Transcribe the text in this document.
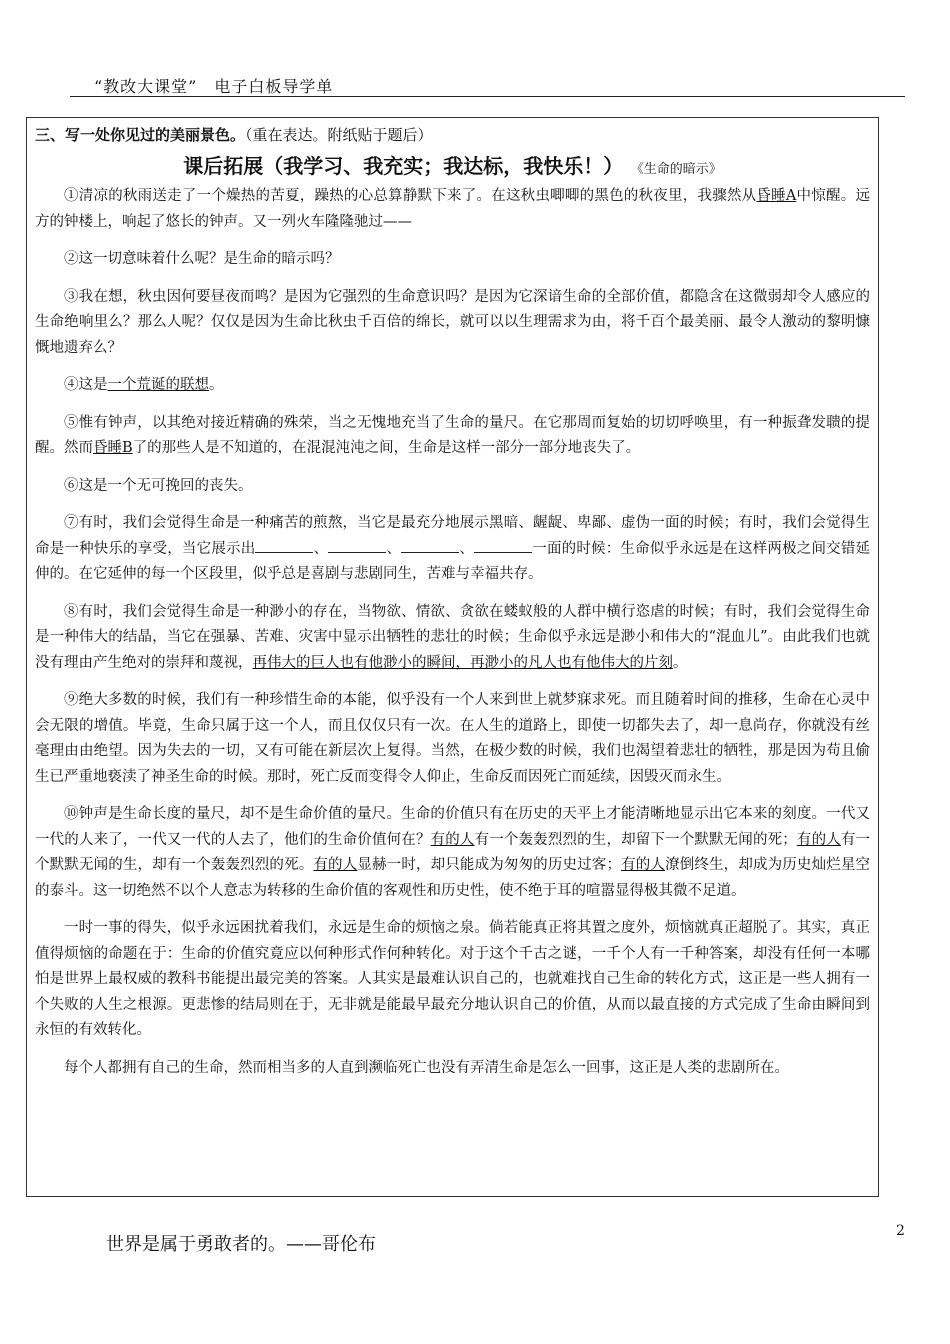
“教改大课堂”　电子白板导学单
三、写一处你见过的美丽景色。（重在表达。附纸贴于题后）
课后拓展（我学习、我充实；我达标，我快乐！） 《生命的暗示》

①清凉的秋雨送走了一个燥热的苦夏，躁热的心总算静默下来了。在这秋虫唧唧的黑色的秋夜里，我骤然从昏睡A中惊醒。远方的钟楼上，响起了悠长的钟声。又一列火车隆隆驰过——

②这一切意味着什么呢？是生命的暗示吗？

③我在想，秋虫因何要昼夜而鸣？是因为它强烈的生命意识吗？是因为它深谙生命的全部价值，都隐含在这微弱却令人感应的生命绝响里么？那么人呢？仅仅是因为生命比秋虫千百倍的绵长，就可以以生理需求为由，将千百个最美丽、最令人激动的黎明慷慨地遗弃么？

④这是一个荒诞的联想。

⑤惟有钟声，以其绝对接近精确的殊荣，当之无愧地充当了生命的量尺。在它那周而复始的切切呼唤里，有一种振聋发聩的提醒。然而昏睡B了的那些人是不知道的，在混混沌沌之间，生命是这样一部分一部分地丧失了。

⑥这是一个无可挽回的丧失。

⑦有时，我们会觉得生命是一种痛苦的煎熬，当它是最充分地展示黑暗、龌龊、卑鄙、虚伪一面的时候；有时，我们会觉得生命是一种快乐的享受，当它展示出	、	、	、	一面的时候：生命似乎永远是在这样两极之间交错延伸的。在它延伸的每一个区段里，似乎总是喜剧与悲剧同生，苦难与幸福共存。

⑧有时，我们会觉得生命是一种渺小的存在，当物欲、情欲、贪欲在蝼蚁般的人群中横行恣虐的时候；有时，我们会觉得生命是一种伟大的结晶，当它在强暴、苦难、灾害中显示出牺牲的悲壮的时候；生命似乎永远是渺小和伟大的“混血儿”。由此我们也就没有理由产生绝对的崇拜和蔑视，再伟大的巨人也有他渺小的瞬间，再渺小的凡人也有他伟大的片刻。

⑨绝大多数的时候，我们有一种珍惜生命的本能，似乎没有一个人来到世上就梦寐求死。而且随着时间的推移，生命在心灵中会无限的增值。毕竟，生命只属于这一个人，而且仅仅只有一次。在人生的道路上，即使一切都失去了，却一息尚存，你就没有丝毫理由由绝望。因为失去的一切，又有可能在新层次上复得。当然，在极少数的时候，我们也渴望着悲壮的牺牲，那是因为苟且偷生已严重地亵渎了神圣生命的时候。那时，死亡反而变得令人仰止，生命反而因死亡而延续，因毁灭而永生。

⑩钟声是生命长度的量尺，却不是生命价值的量尺。生命的价值只有在历史的天平上才能清晰地显示出它本来的刻度。一代又一代的人来了，一代又一代的人去了，他们的生命价值何在？有的人有一个轰轰烈烈的生，却留下一个默默无闻的死；有的人有一个默默无闻的生，却有一个轰轰烈烈的死。有的人显赫一时，却只能成为匆匆的历史过客；有的人潦倒终生，却成为历史灿烂星空的泰斗。这一切绝然不以个人意志为转移的生命价值的客观性和历史性，使不绝于耳的喧嚣显得极其微不足道。

一时一事的得失，似乎永远困扰着我们，永远是生命的烦恼之泉。倘若能真正将其置之度外，烦恼就真正超脱了。其实，真正值得烦恼的命题在于：生命的价值究竟应以何种形式作何种转化。对于这个千古之谜，一千个人有一千种答案，却没有任何一本哪怕是世界上最权威的教科书能提出最完美的答案。人其实是最难认识自己的，也就难找自己生命的转化方式，这正是一些人拥有一个失败的人生之根源。更悲惨的结局则在于，无非就是能最早最充分地认识自己的价值，从而以最直接的方式完成了生命由瞬间到永恒的有效转化。

每个人都拥有自己的生命，然而相当多的人直到濒临死亡也没有弄清生命是怎么一回事，这正是人类的悲剧所在。

世界是属于勇敢者的。——哥伦布
2
